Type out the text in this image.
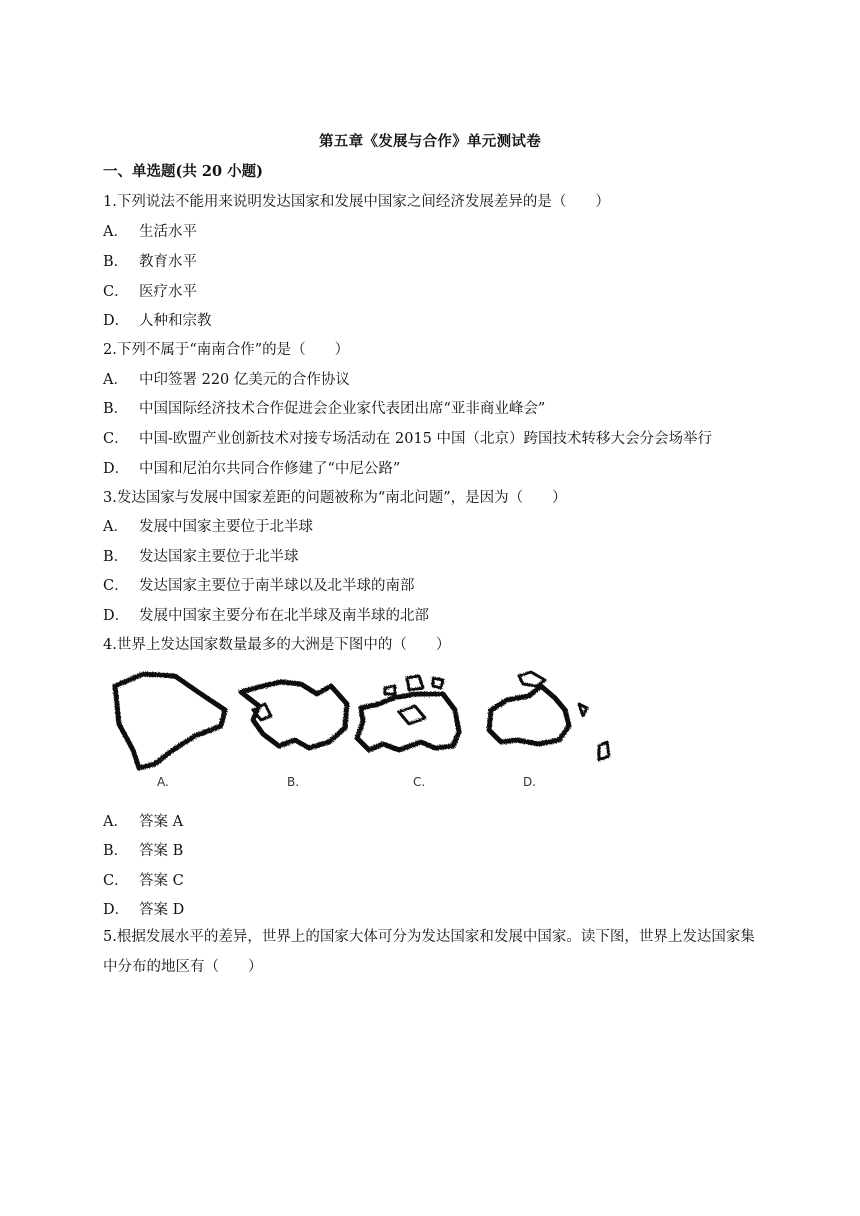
第五章《发展与合作》单元测试卷
一、单选题(共 20 小题)
1.下列说法不能用来说明发达国家和发展中国家之间经济发展差异的是（　　）
A． 生活水平
B． 教育水平
C． 医疗水平
D． 人种和宗教
2.下列不属于“南南合作”的是（　　）
A． 中印签署 220 亿美元的合作协议
B． 中国国际经济技术合作促进会企业家代表团出席“亚非商业峰会”
C． 中国-欧盟产业创新技术对接专场活动在 2015 中国（北京）跨国技术转移大会分会场举行
D． 中国和尼泊尔共同合作修建了“中尼公路”
3.发达国家与发展中国家差距的问题被称为“南北问题”，是因为（　　）
A． 发展中国家主要位于北半球
B． 发达国家主要位于北半球
C． 发达国家主要位于南半球以及北半球的南部
D． 发展中国家主要分布在北半球及南半球的北部
4.世界上发达国家数量最多的大洲是下图中的（　　）
A.	B.	C.	D.
A． 答案 A
B． 答案 B
C． 答案 C
D． 答案 D
5.根据发展水平的差异，世界上的国家大体可分为发达国家和发展中国家。读下图，世界上发达国家集中分布的地区有（　　）
